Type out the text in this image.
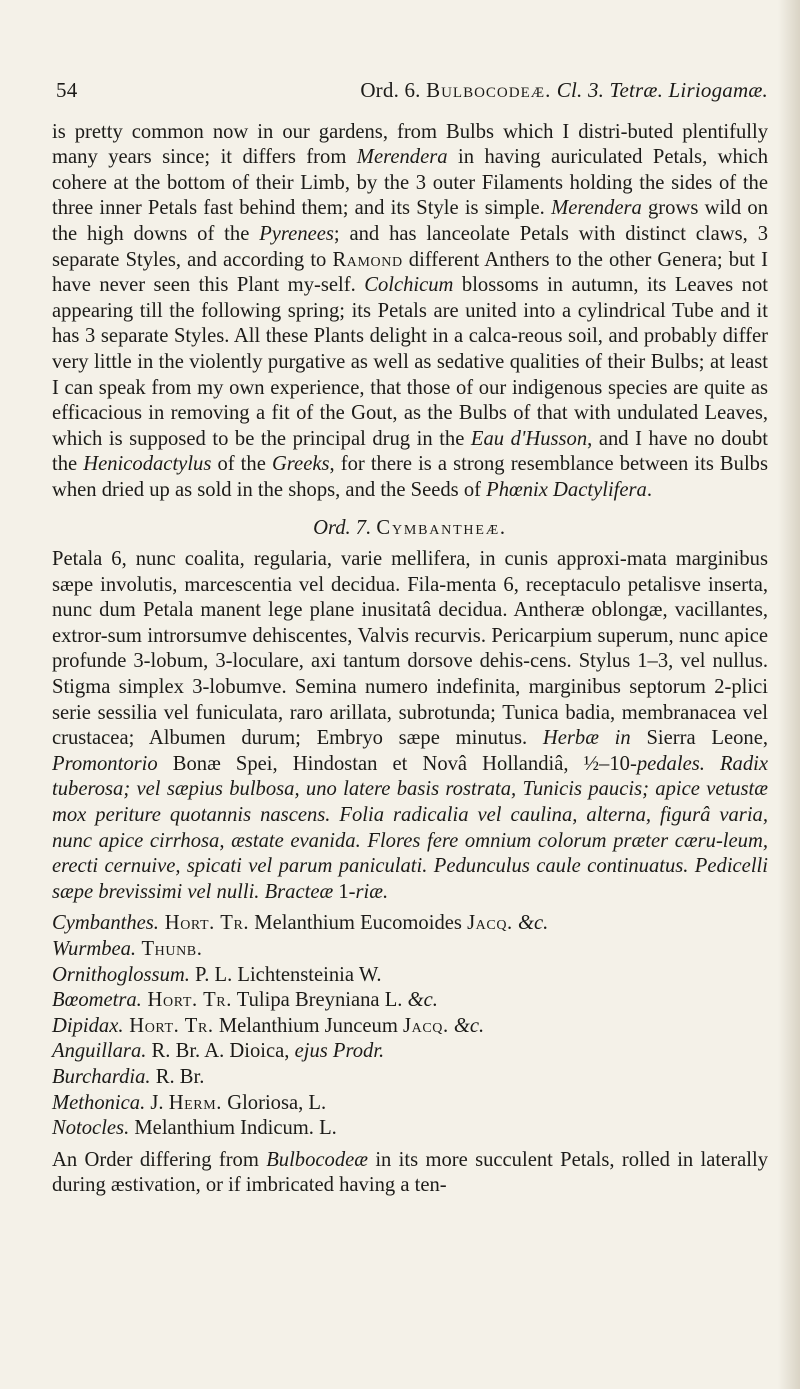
54	Ord. 6. Bulbocodeæ. Cl. 3. Tetræ. Liriogamæ.

is pretty common now in our gardens, from Bulbs which I distri-buted plentifully many years since; it differs from Merendera in having auriculated Petals, which cohere at the bottom of their Limb, by the 3 outer Filaments holding the sides of the three inner Petals fast behind them; and its Style is simple. Merendera grows wild on the high downs of the Pyrenees; and has lanceolate Petals with distinct claws, 3 separate Styles, and according to Ramond different Anthers to the other Genera; but I have never seen this Plant my-self. Colchicum blossoms in autumn, its Leaves not appearing till the following spring; its Petals are united into a cylindrical Tube and it has 3 separate Styles. All these Plants delight in a calca-reous soil, and probably differ very little in the violently purgative as well as sedative qualities of their Bulbs; at least I can speak from my own experience, that those of our indigenous species are quite as efficacious in removing a fit of the Gout, as the Bulbs of that with undulated Leaves, which is supposed to be the principal drug in the Eau d'Husson, and I have no doubt the Henicodactylus of the Greeks, for there is a strong resemblance between its Bulbs when dried up as sold in the shops, and the Seeds of Phœnix Dactylifera.

Ord. 7. Cymbantheæ.

Petala 6, nunc coalita, regularia, varie mellifera, in cunis approxi-mata marginibus sæpe involutis, marcescentia vel decidua. Fila-menta 6, receptaculo petalisve inserta, nunc dum Petala manent lege plane inusitatâ decidua. Antheræ oblongæ, vacillantes, extror-sum introrsumve dehiscentes, Valvis recurvis. Pericarpium superum, nunc apice profunde 3-lobum, 3-loculare, axi tantum dorsove dehis-cens. Stylus 1–3, vel nullus. Stigma simplex 3-lobumve. Semina numero indefinita, marginibus septorum 2-plici serie sessilia vel funiculata, raro arillata, subrotunda; Tunica badia, membranacea vel crustacea; Albumen durum; Embryo sæpe minutus. Herbæ in Sierra Leone, Promontorio Bonæ Spei, Hindostan et Novâ Hollandiâ, ½–10-pedales. Radix tuberosa; vel sæpius bulbosa, uno latere basis rostrata, Tunicis paucis; apice vetustæ mox periture quotannis nascens. Folia radicalia vel caulina, alterna, figurâ varia, nunc apice cirrhosa, æstate evanida. Flores fere omnium colorum præter cæru-leum, erecti cernuive, spicati vel parum paniculati. Pedunculus caule continuatus. Pedicelli sæpe brevissimi vel nulli. Bracteæ 1-riæ.

Cymbanthes. Hort. Tr. Melanthium Eucomoides Jacq. &c.
Wurmbea. Thunb.
Ornithoglossum. P. L. Lichtensteinia W.
Bœometra. Hort. Tr. Tulipa Breyniana L. &c.
Dipidax. Hort. Tr. Melanthium Junceum Jacq. &c.
Anguillara. R. Br. A. Dioica, ejus Prodr.
Burchardia. R. Br.
Methonica. J. Herm. Gloriosa, L.
Notocles. Melanthium Indicum. L.

An Order differing from Bulbocodeæ in its more succulent Petals, rolled in laterally during æstivation, or if imbricated having a ten-
